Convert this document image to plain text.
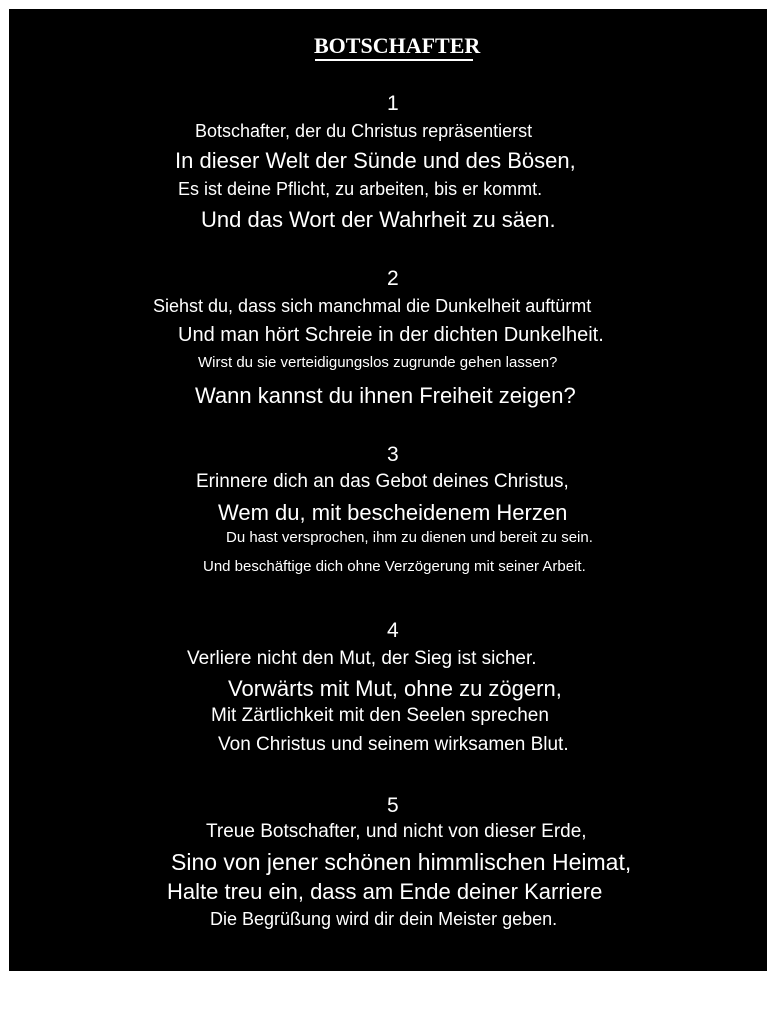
BOTSCHAFTER
1
Botschafter, der du Christus repräsentierst
In dieser Welt der Sünde und des Bösen,
Es ist deine Pflicht, zu arbeiten, bis er kommt.
Und das Wort der Wahrheit zu säen.
2
Siehst du, dass sich manchmal die Dunkelheit auftürmt
Und man hört Schreie in der dichten Dunkelheit.
Wirst du sie verteidigungslos zugrunde gehen lassen?
Wann kannst du ihnen Freiheit zeigen?
3
Erinnere dich an das Gebot deines Christus,
Wem du, mit bescheidenem Herzen
Du hast versprochen, ihm zu dienen und bereit zu sein.
Und beschäftige dich ohne Verzögerung mit seiner Arbeit.
4
Verliere nicht den Mut, der Sieg ist sicher.
Vorwärts mit Mut, ohne zu zögern,
Mit Zärtlichkeit mit den Seelen sprechen
Von Christus und seinem wirksamen Blut.
5
Treue Botschafter, und nicht von dieser Erde,
Sino von jener schönen himmlischen Heimat,
Halte treu ein, dass am Ende deiner Karriere
Die Begrüßung wird dir dein Meister geben.
